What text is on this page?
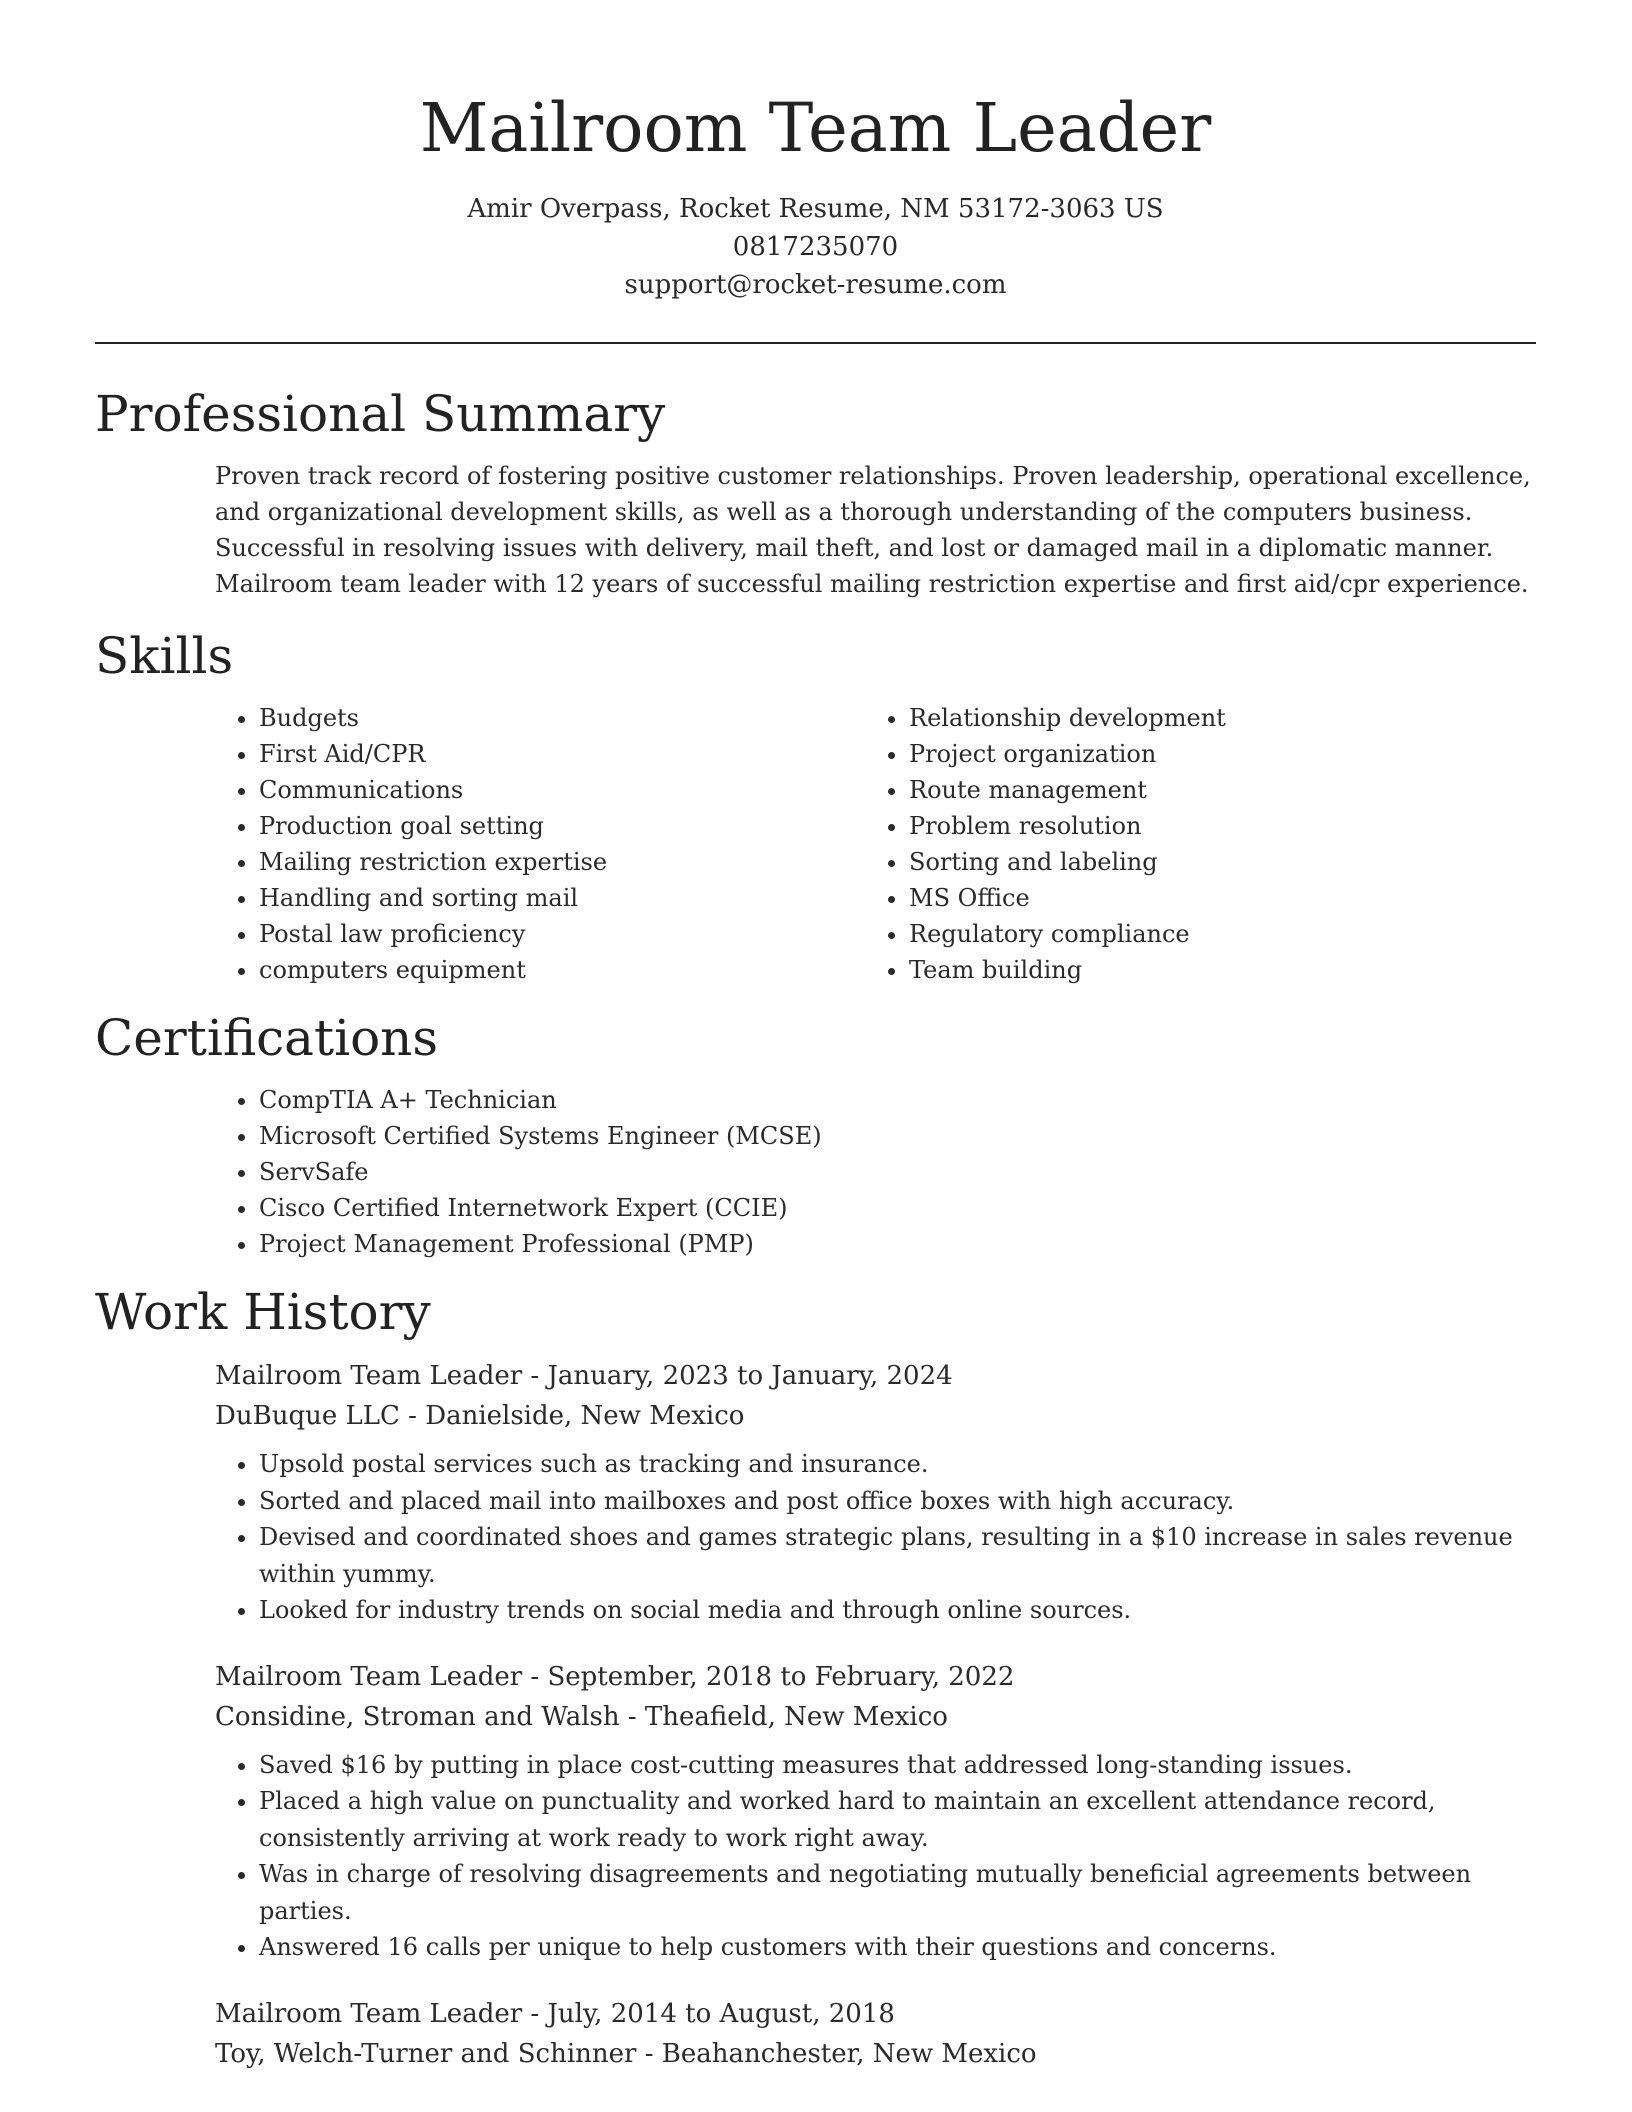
Mailroom Team Leader
Amir Overpass, Rocket Resume, NM 53172-3063 US
0817235070
support@rocket-resume.com
Professional Summary

Proven track record of fostering positive customer relationships. Proven leadership, operational excellence, and organizational development skills, as well as a thorough understanding of the computers business. Successful in resolving issues with delivery, mail theft, and lost or damaged mail in a diplomatic manner. Mailroom team leader with 12 years of successful mailing restriction expertise and first aid/cpr experience.

Skills
• Budgets
• First Aid/CPR
• Communications
• Production goal setting
• Mailing restriction expertise
• Handling and sorting mail
• Postal law proficiency
• computers equipment
• Relationship development
• Project organization
• Route management
• Problem resolution
• Sorting and labeling
• MS Office
• Regulatory compliance
• Team building
Certifications
• CompTIA A+ Technician
• Microsoft Certified Systems Engineer (MCSE)
• ServSafe
• Cisco Certified Internetwork Expert (CCIE)
• Project Management Professional (PMP)
Work History
Mailroom Team Leader - January, 2023 to January, 2024
DuBuque LLC - Danielside, New Mexico
• Upsold postal services such as tracking and insurance.
• Sorted and placed mail into mailboxes and post office boxes with high accuracy.
• Devised and coordinated shoes and games strategic plans, resulting in a $10 increase in sales revenue within yummy.
• Looked for industry trends on social media and through online sources.
Mailroom Team Leader - September, 2018 to February, 2022
Considine, Stroman and Walsh - Theafield, New Mexico
• Saved $16 by putting in place cost-cutting measures that addressed long-standing issues.
• Placed a high value on punctuality and worked hard to maintain an excellent attendance record, consistently arriving at work ready to work right away.
• Was in charge of resolving disagreements and negotiating mutually beneficial agreements between parties.
• Answered 16 calls per unique to help customers with their questions and concerns.
Mailroom Team Leader - July, 2014 to August, 2018
Toy, Welch-Turner and Schinner - Beahanchester, New Mexico
